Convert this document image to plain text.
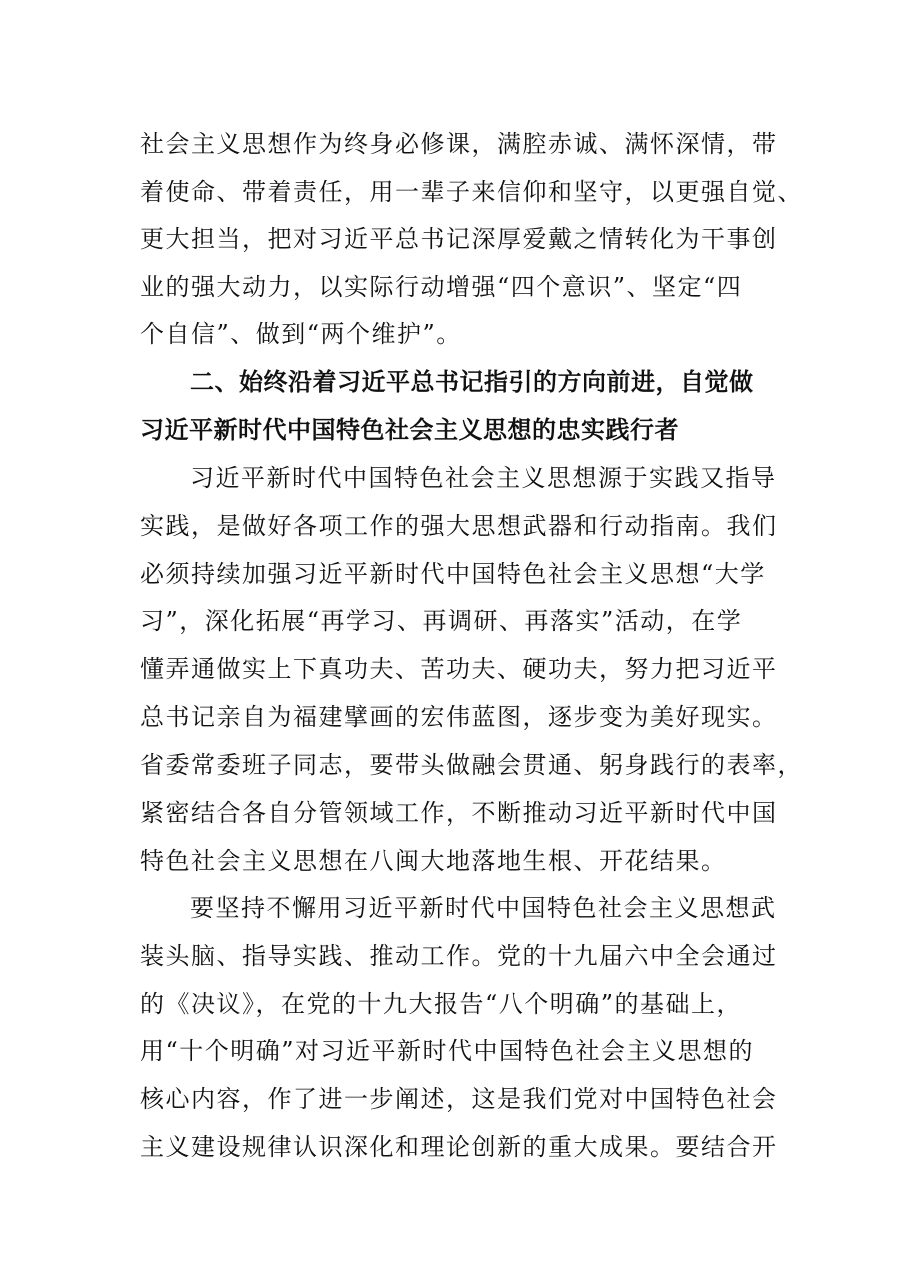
社会主义思想作为终身必修课，满腔赤诚、满怀深情，带
着使命、带着责任，用一辈子来信仰和坚守，以更强自觉、
更大担当，把对习近平总书记深厚爱戴之情转化为干事创
业的强大动力，以实际行动增强“四个意识”、坚定“四
个自信”、做到“两个维护”。
二、始终沿着习近平总书记指引的方向前进，自觉做
习近平新时代中国特色社会主义思想的忠实践行者
习近平新时代中国特色社会主义思想源于实践又指导
实践，是做好各项工作的强大思想武器和行动指南。我们
必须持续加强习近平新时代中国特色社会主义思想“大学
习”，深化拓展“再学习、再调研、再落实”活动，在学
懂弄通做实上下真功夫、苦功夫、硬功夫，努力把习近平
总书记亲自为福建擘画的宏伟蓝图，逐步变为美好现实。
省委常委班子同志，要带头做融会贯通、躬身践行的表率，
紧密结合各自分管领域工作，不断推动习近平新时代中国
特色社会主义思想在八闽大地落地生根、开花结果。
要坚持不懈用习近平新时代中国特色社会主义思想武
装头脑、指导实践、推动工作。党的十九届六中全会通过
的《决议》，在党的十九大报告“八个明确”的基础上，
用“十个明确”对习近平新时代中国特色社会主义思想的
核心内容，作了进一步阐述，这是我们党对中国特色社会
主义建设规律认识深化和理论创新的重大成果。要结合开
